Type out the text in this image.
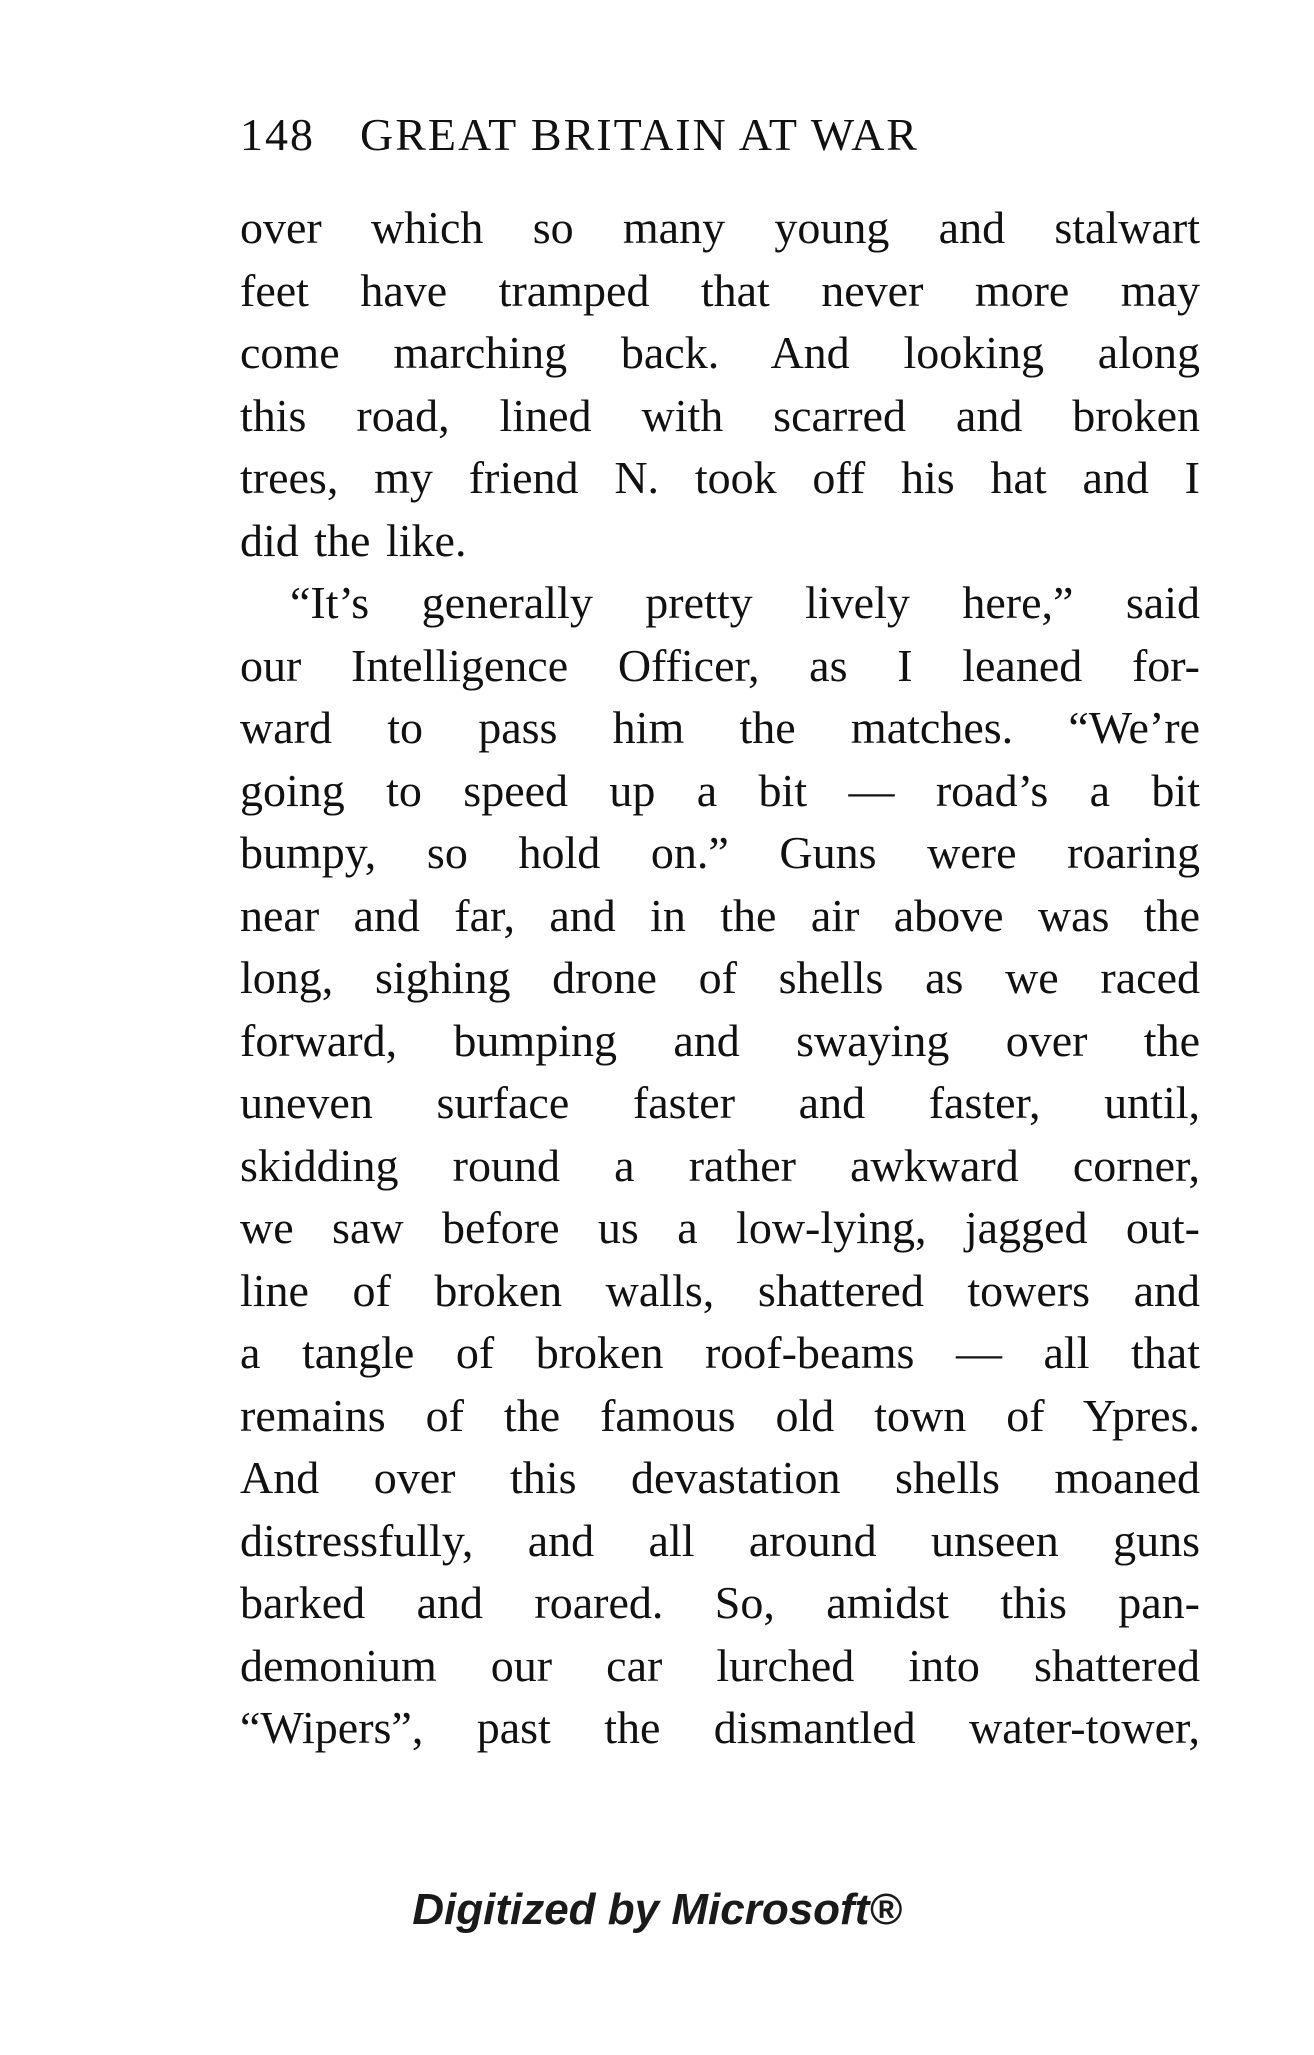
148 GREAT BRITAIN AT WAR
over which so many young and stalwart
feet have tramped that never more may
come marching back. And looking along
this road, lined with scarred and broken
trees, my friend N. took off his hat and I
did the like.
“It’s generally pretty lively here,” said
our Intelligence Officer, as I leaned for-
ward to pass him the matches. “We’re
going to speed up a bit — road’s a bit
bumpy, so hold on.” Guns were roaring
near and far, and in the air above was the
long, sighing drone of shells as we raced
forward, bumping and swaying over the
uneven surface faster and faster, until,
skidding round a rather awkward corner,
we saw before us a low-lying, jagged out-
line of broken walls, shattered towers and
a tangle of broken roof-beams — all that
remains of the famous old town of Ypres.
And over this devastation shells moaned
distressfully, and all around unseen guns
barked and roared. So, amidst this pan-
demonium our car lurched into shattered
“Wipers”, past the dismantled water-tower,
Digitized by Microsoft®
